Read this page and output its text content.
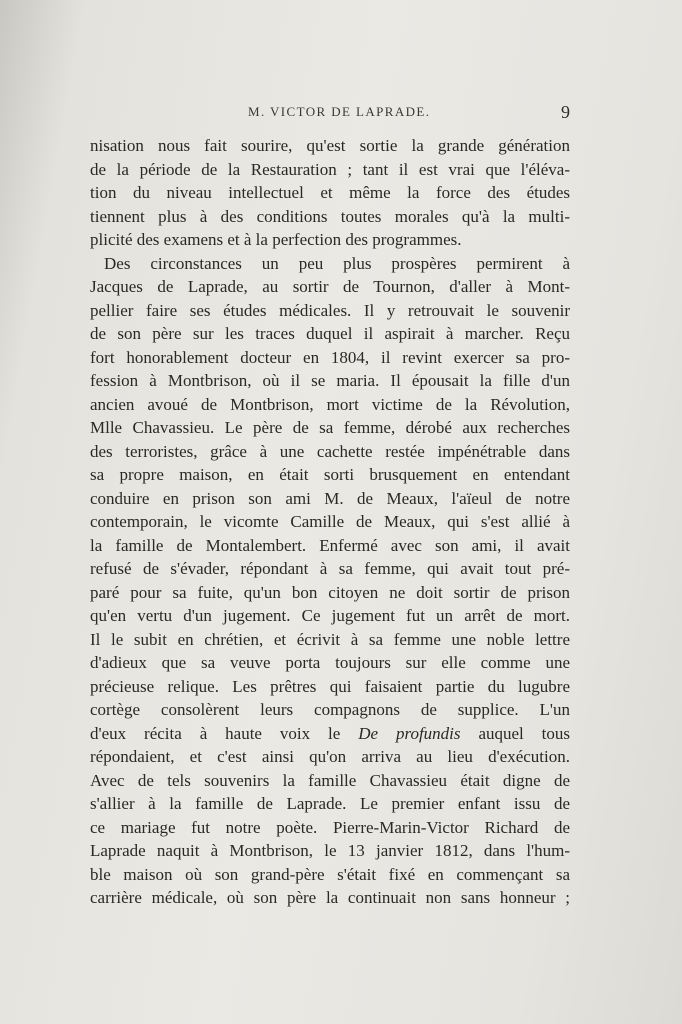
M. VICTOR DE LAPRADE.	9
nisation nous fait sourire, qu'est sortie la grande génération
de la période de la Restauration ; tant il est vrai que l'éléva-
tion du niveau intellectuel et même la force des études
tiennent plus à des conditions toutes morales qu'à la multi-
plicité des examens et à la perfection des programmes.
Des circonstances un peu plus prospères permirent à
Jacques de Laprade, au sortir de Tournon, d'aller à Mont-
pellier faire ses études médicales. Il y retrouvait le souvenir
de son père sur les traces duquel il aspirait à marcher. Reçu
fort honorablement docteur en 1804, il revint exercer sa pro-
fession à Montbrison, où il se maria. Il épousait la fille d'un
ancien avoué de Montbrison, mort victime de la Révolution,
Mlle Chavassieu. Le père de sa femme, dérobé aux recherches
des terroristes, grâce à une cachette restée impénétrable dans
sa propre maison, en était sorti brusquement en entendant
conduire en prison son ami M. de Meaux, l'aïeul de notre
contemporain, le vicomte Camille de Meaux, qui s'est allié à
la famille de Montalembert. Enfermé avec son ami, il avait
refusé de s'évader, répondant à sa femme, qui avait tout pré-
paré pour sa fuite, qu'un bon citoyen ne doit sortir de prison
qu'en vertu d'un jugement. Ce jugement fut un arrêt de mort.
Il le subit en chrétien, et écrivit à sa femme une noble lettre
d'adieux que sa veuve porta toujours sur elle comme une
précieuse relique. Les prêtres qui faisaient partie du lugubre
cortège consolèrent leurs compagnons de supplice. L'un
d'eux récita à haute voix le De profundis auquel tous
répondaient, et c'est ainsi qu'on arriva au lieu d'exécution.
Avec de tels souvenirs la famille Chavassieu était digne de
s'allier à la famille de Laprade. Le premier enfant issu de
ce mariage fut notre poète. Pierre-Marin-Victor Richard de
Laprade naquit à Montbrison, le 13 janvier 1812, dans l'hum-
ble maison où son grand-père s'était fixé en commençant sa
carrière médicale, où son père la continuait non sans honneur ;
